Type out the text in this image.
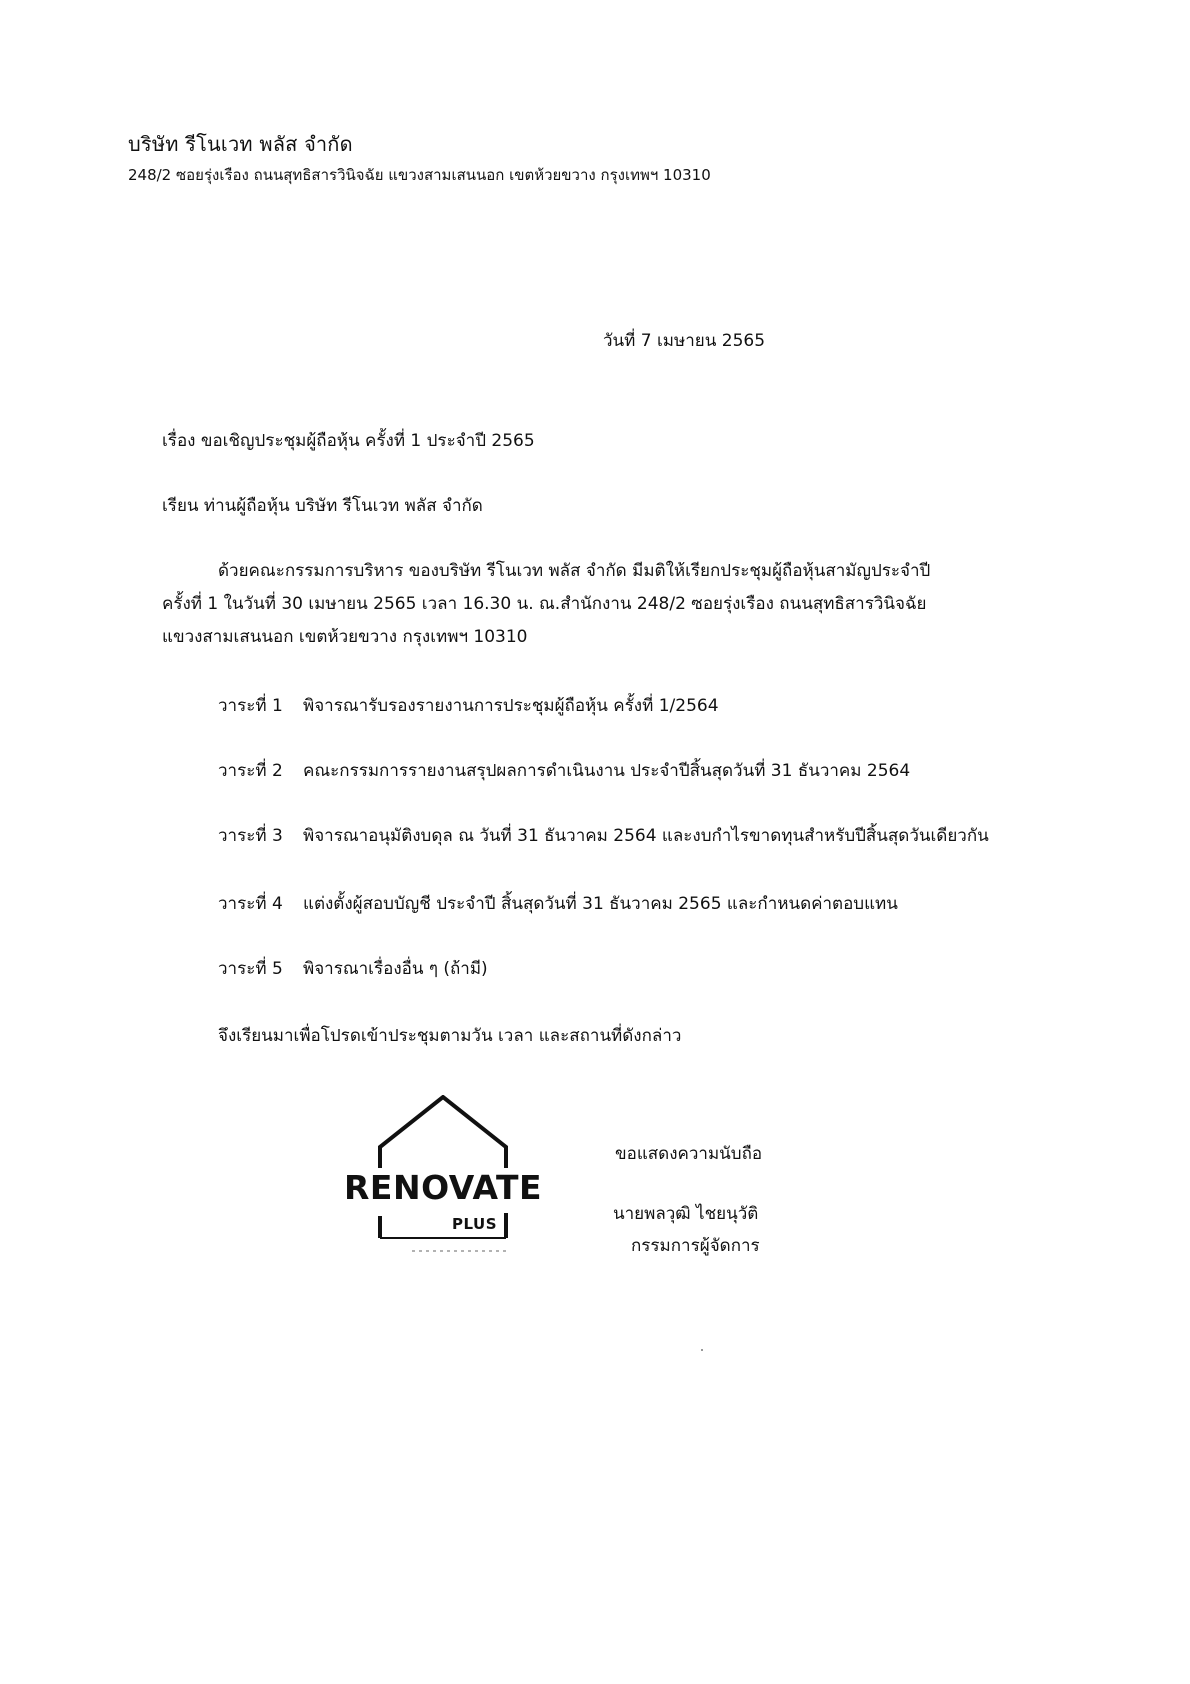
บริษัท รีโนเวท พลัส จำกัด
248/2 ซอยรุ่งเรือง ถนนสุทธิสารวินิจฉัย แขวงสามเสนนอก เขตห้วยขวาง กรุงเทพฯ 10310
วันที่ 7 เมษายน 2565
เรื่อง ขอเชิญประชุมผู้ถือหุ้น ครั้งที่ 1 ประจำปี 2565
เรียน ท่านผู้ถือหุ้น บริษัท รีโนเวท พลัส จำกัด

ด้วยคณะกรรมการบริหาร ของบริษัท รีโนเวท พลัส จำกัด มีมติให้เรียกประชุมผู้ถือหุ้นสามัญประจำปี

ครั้งที่ 1 ในวันที่ 30 เมษายน 2565 เวลา 16.30 น. ณ.สำนักงาน 248/2 ซอยรุ่งเรือง ถนนสุทธิสารวินิจฉัย

แขวงสามเสนนอก เขตห้วยขวาง กรุงเทพฯ 10310

วาระที่ 1 พิจารณารับรองรายงานการประชุมผู้ถือหุ้น ครั้งที่ 1/2564
วาระที่ 2 คณะกรรมการรายงานสรุปผลการดำเนินงาน ประจำปีสิ้นสุดวันที่ 31 ธันวาคม 2564
วาระที่ 3 พิจารณาอนุมัติงบดุล ณ วันที่ 31 ธันวาคม 2564 และงบกำไรขาดทุนสำหรับปีสิ้นสุดวันเดียวกัน
วาระที่ 4 แต่งตั้งผู้สอบบัญชี ประจำปี สิ้นสุดวันที่ 31 ธันวาคม 2565 และกำหนดค่าตอบแทน
วาระที่ 5 พิจารณาเรื่องอื่น ๆ (ถ้ามี)
จึงเรียนมาเพื่อโปรดเข้าประชุมตามวัน เวลา และสถานที่ดังกล่าว
RENOVATE
PLUS
ขอแสดงความนับถือ
นายพลวุฒิ ไชยนุวัติ
กรรมการผู้จัดการ
